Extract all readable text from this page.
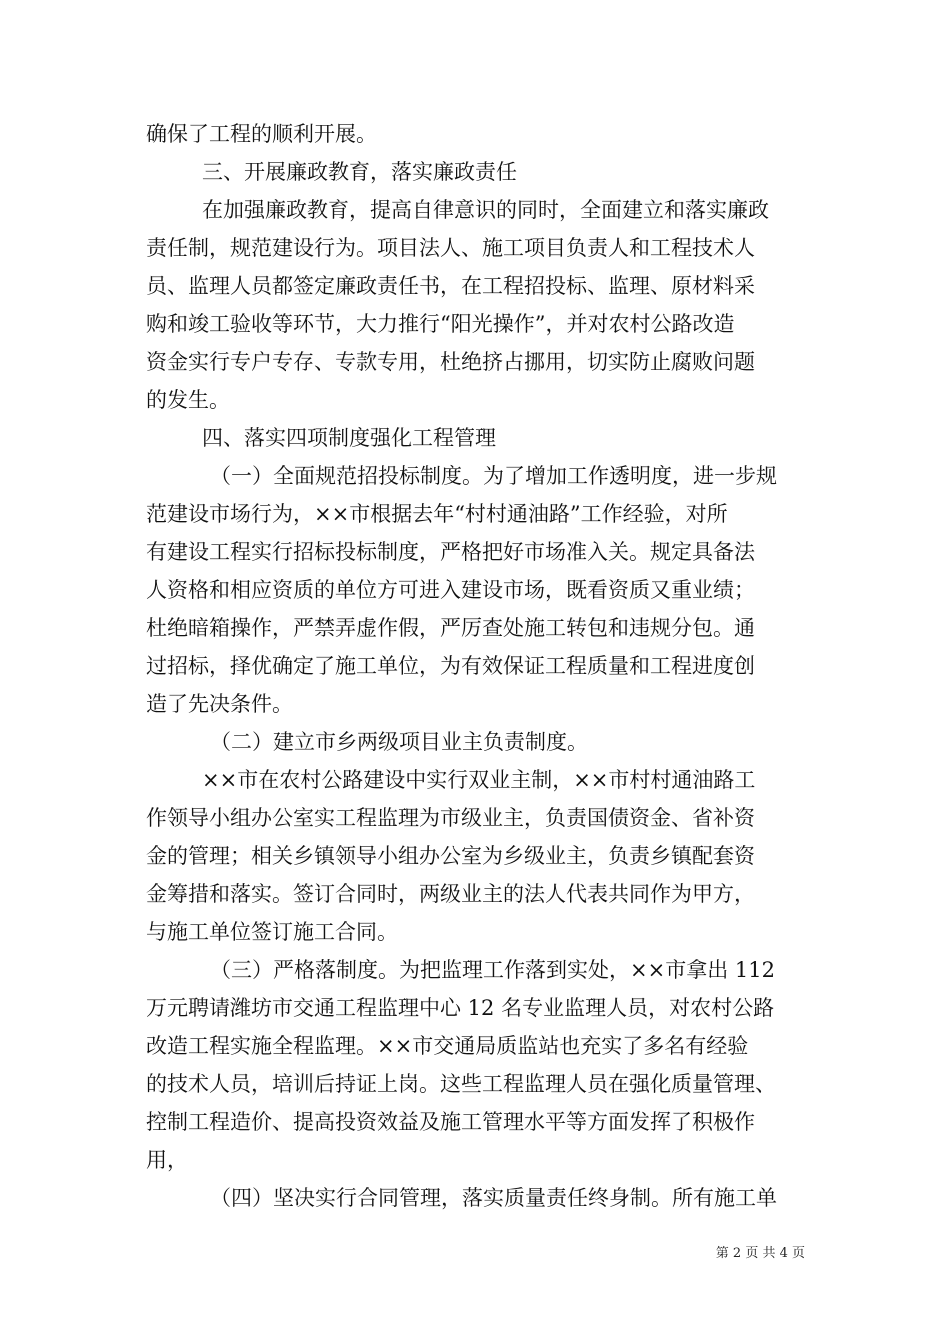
确保了工程的顺利开展。
三、开展廉政教育，落实廉政责任
在加强廉政教育，提高自律意识的同时，全面建立和落实廉政
责任制，规范建设行为。项目法人、施工项目负责人和工程技术人
员、监理人员都签定廉政责任书，在工程招投标、监理、原材料采
购和竣工验收等环节，大力推行“阳光操作”，并对农村公路改造
资金实行专户专存、专款专用，杜绝挤占挪用，切实防止腐败问题
的发生。
四、落实四项制度强化工程管理
（一）全面规范招投标制度。为了增加工作透明度，进一步规
范建设市场行为，××市根据去年“村村通油路”工作经验，对所
有建设工程实行招标投标制度，严格把好市场准入关。规定具备法
人资格和相应资质的单位方可进入建设市场，既看资质又重业绩；
杜绝暗箱操作，严禁弄虚作假，严厉查处施工转包和违规分包。通
过招标，择优确定了施工单位，为有效保证工程质量和工程进度创
造了先决条件。
（二）建立市乡两级项目业主负责制度。
××市在农村公路建设中实行双业主制，××市村村通油路工
作领导小组办公室实工程监理为市级业主，负责国债资金、省补资
金的管理；相关乡镇领导小组办公室为乡级业主，负责乡镇配套资
金筹措和落实。签订合同时，两级业主的法人代表共同作为甲方，
与施工单位签订施工合同。
（三）严格落制度。为把监理工作落到实处，××市拿出 112
万元聘请潍坊市交通工程监理中心 12 名专业监理人员，对农村公路
改造工程实施全程监理。××市交通局质监站也充实了多名有经验
的技术人员，培训后持证上岗。这些工程监理人员在强化质量管理、
控制工程造价、提高投资效益及施工管理水平等方面发挥了积极作
用，
（四）坚决实行合同管理，落实质量责任终身制。所有施工单
第 2 页 共 4 页
